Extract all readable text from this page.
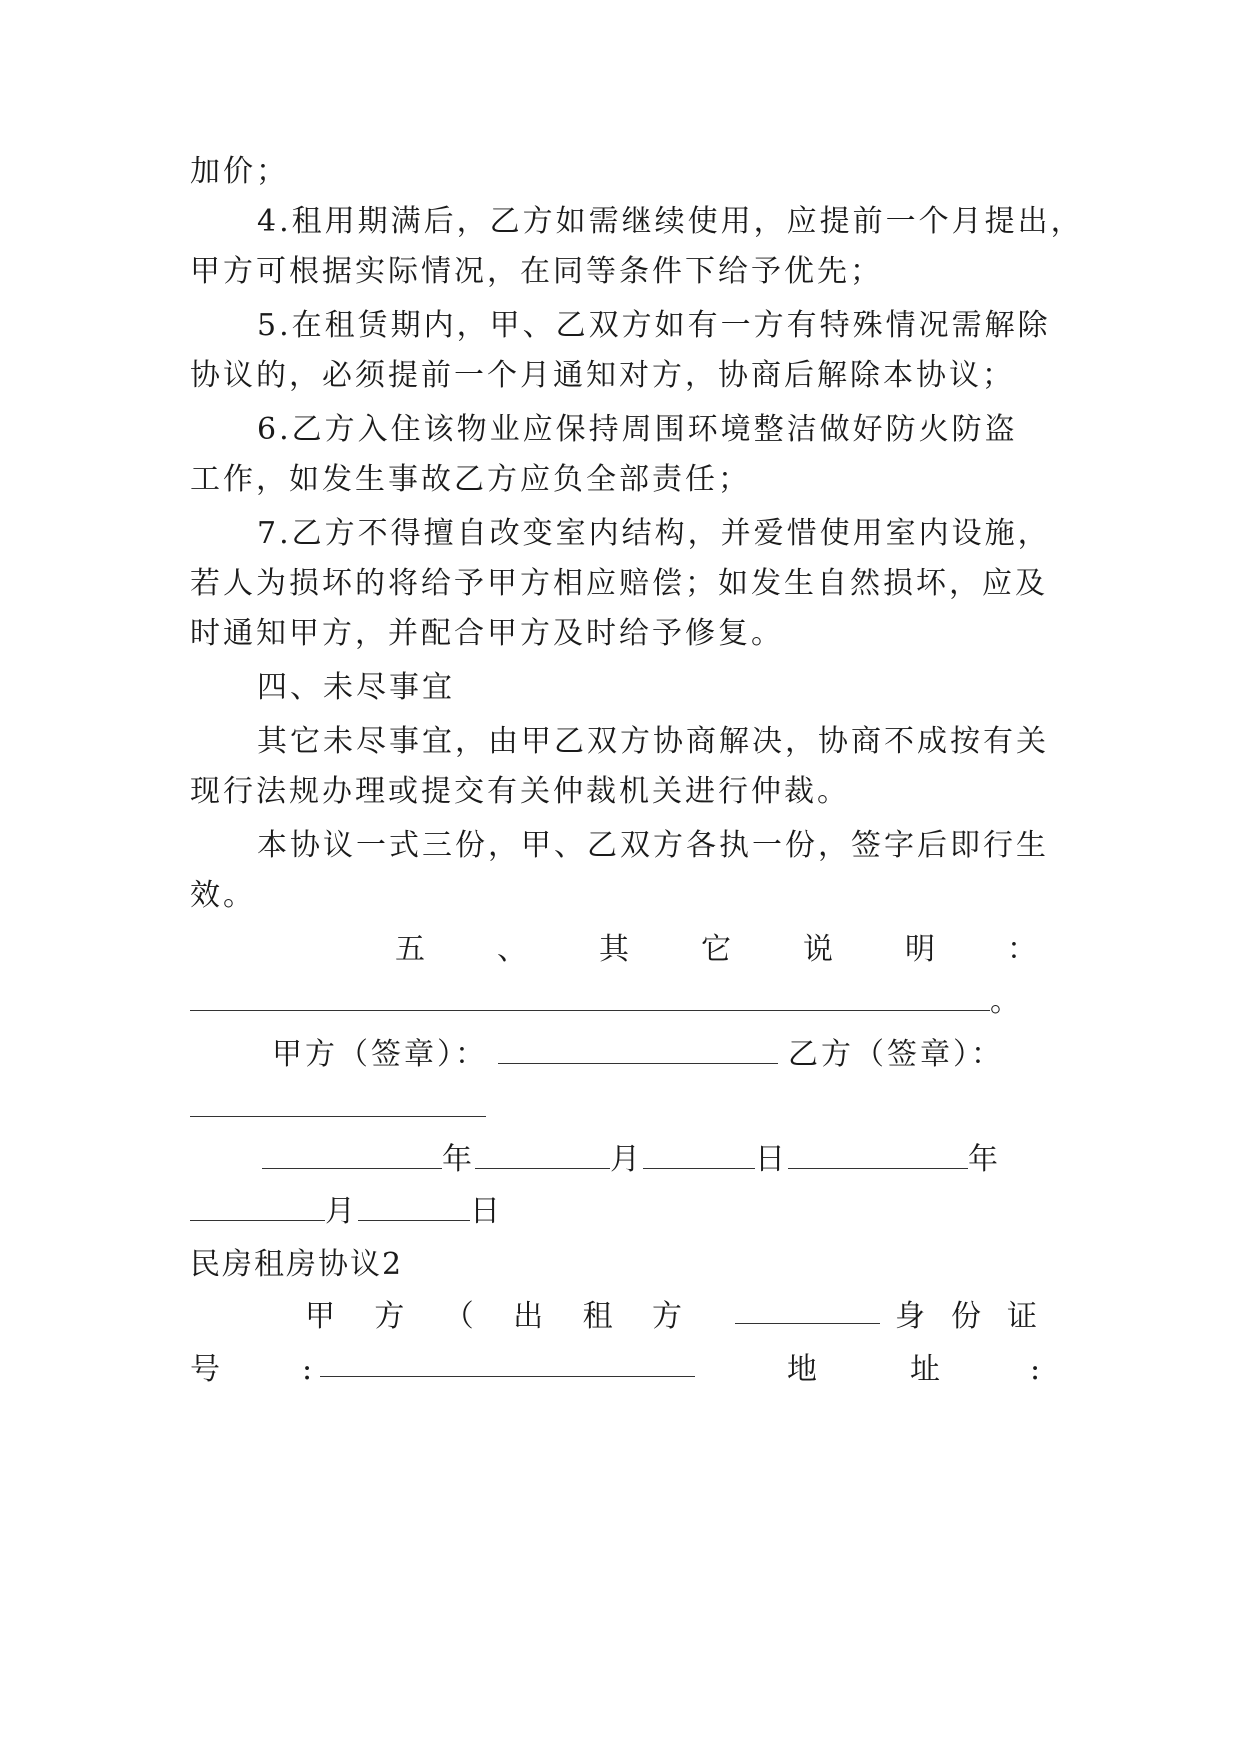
加价；
4.租用期满后，乙方如需继续使用，应提前一个月提出，
甲方可根据实际情况，在同等条件下给予优先；
5.在租赁期内，甲、乙双方如有一方有特殊情况需解除
协议的，必须提前一个月通知对方，协商后解除本协议；
6.乙方入住该物业应保持周围环境整洁做好防火防盗
工作，如发生事故乙方应负全部责任；
7.乙方不得擅自改变室内结构，并爱惜使用室内设施，
若人为损坏的将给予甲方相应赔偿；如发生自然损坏，应及
时通知甲方，并配合甲方及时给予修复。
四、未尽事宜
其它未尽事宜，由甲乙双方协商解决，协商不成按有关
现行法规办理或提交有关仲裁机关进行仲裁。
本协议一式三份，甲、乙双方各执一份，签字后即行生
效。
五 、 其 它 说 明 ：
。
甲方（签章）：	乙方（签章）：
年	月	日	年
月	日
民房租房协议2
甲 方 （ 出 租 方	身 份 证
号	:	地	址	:
